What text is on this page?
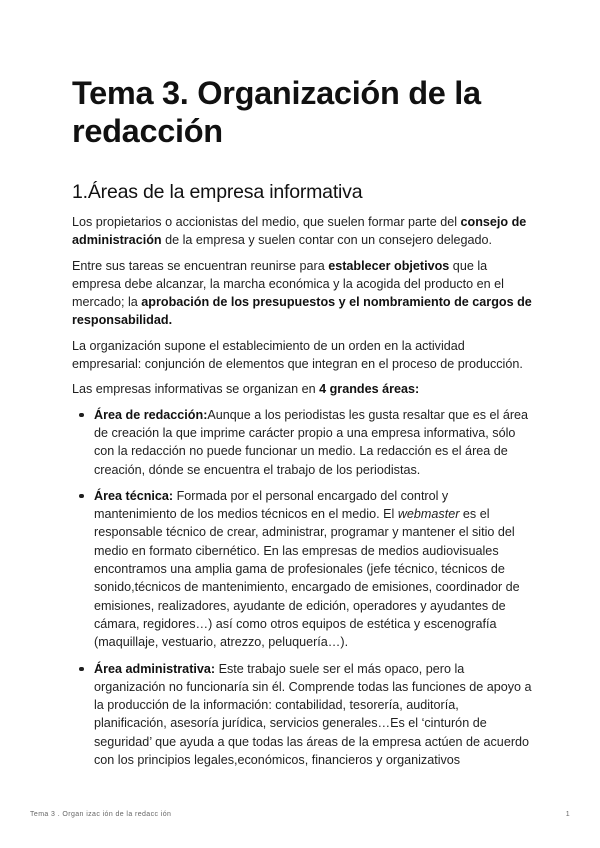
Tema 3. Organización de la redacción
1.Áreas de la empresa informativa

Los propietarios o accionistas del medio, que suelen formar parte del consejo de administración de la empresa y suelen contar con un consejero delegado.

Entre sus tareas se encuentran reunirse para establecer objetivos que la empresa debe alcanzar, la marcha económica y la acogida del producto en el mercado; la aprobación de los presupuestos y el nombramiento de cargos de responsabilidad.

La organización supone el establecimiento de un orden en la actividad empresarial: conjunción de elementos que integran en el proceso de producción.

Las empresas informativas se organizan en 4 grandes áreas:

Área de redacción:Aunque a los periodistas les gusta resaltar que es el área de creación la que imprime carácter propio a una empresa informativa, sólo con la redacción no puede funcionar un medio. La redacción es el área de creación, dónde se encuentra el trabajo de los periodistas.
Área técnica: Formada por el personal encargado del control y mantenimiento de los medios técnicos en el medio. El webmaster es el responsable técnico de crear, administrar, programar y mantener el sitio del medio en formato cibernético. En las empresas de medios audiovisuales encontramos una amplia gama de profesionales (jefe técnico, técnicos de sonido,técnicos de mantenimiento, encargado de emisiones, coordinador de emisiones, realizadores, ayudante de edición, operadores y ayudantes de cámara, regidores…) así como otros equipos de estética y escenografía (maquillaje, vestuario, atrezzo, peluquería…).
Área administrativa: Este trabajo suele ser el más opaco, pero la organización no funcionaría sin él. Comprende todas las funciones de apoyo a la producción de la información: contabilidad, tesorería, auditoría, planificación, asesoría jurídica, servicios generales…Es el ‘cinturón de seguridad’ que ayuda a que todas las áreas de la empresa actúen de acuerdo con los principios legales,económicos, financieros y organizativos
Tema 3 . Organ izac ión de la redacc ión	1
